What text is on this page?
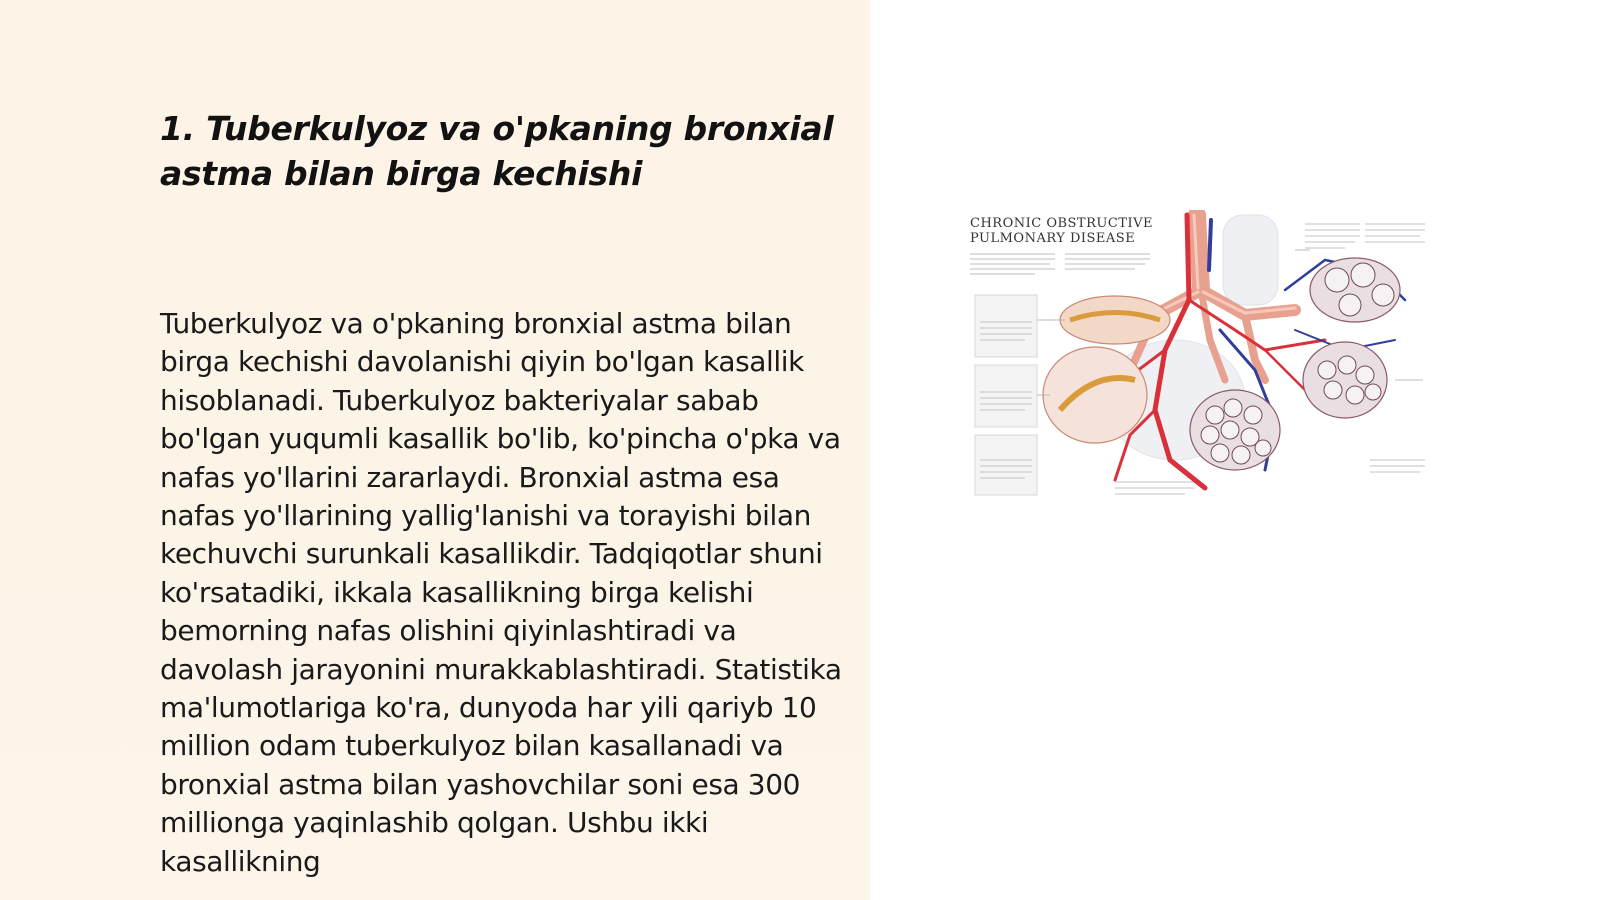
1. Tuberkulyoz va o'pkaning bronxial astma bilan birga kechishi

Tuberkulyoz va o'pkaning bronxial astma bilan birga kechishi davolanishi qiyin bo'lgan kasallik hisoblanadi. Tuberkulyoz bakteriyalar sabab bo'lgan yuqumli kasallik bo'lib, ko'pincha o'pka va nafas yo'llarini zararlaydi. Bronxial astma esa nafas yo'llarining yallig'lanishi va torayishi bilan kechuvchi surunkali kasallikdir. Tadqiqotlar shuni ko'rsatadiki, ikkala kasallikning birga kelishi bemorning nafas olishini qiyinlashtiradi va davolash jarayonini murakkablashtiradi. Statistika ma'lumotlariga ko'ra, dunyoda har yili qariyb 10 million odam tuberkulyoz bilan kasallanadi va bronxial astma bilan yashovchilar soni esa 300 millionga yaqinlashib qolgan. Ushbu ikki kasallikning

CHRONIC OBSTRUCTIVE
PULMONARY DISEASE
